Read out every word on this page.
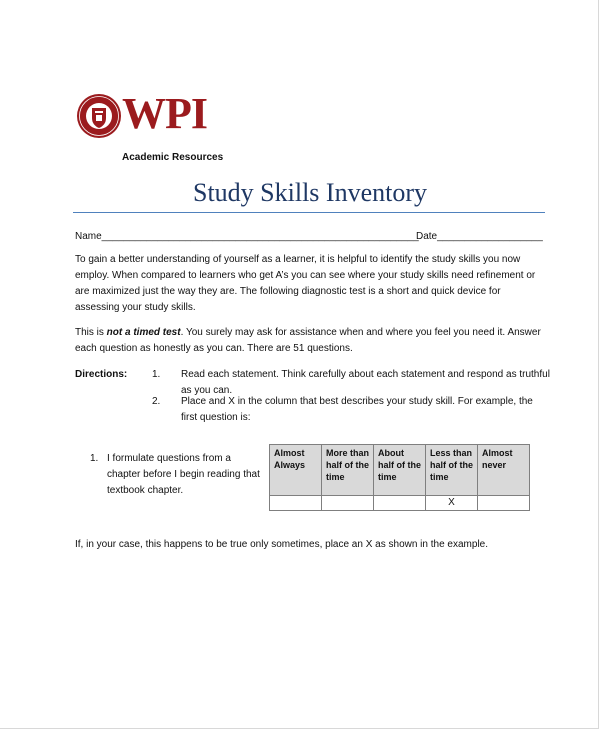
WPI
Academic Resources
Study Skills Inventory
Name_________________________________________________________
Date___________________
To gain a better understanding of yourself as a learner, it is helpful to identify the study skills you now employ. When compared to learners who get A’s you can see where your study skills need refinement or are maximized just the way they are. The following diagnostic test is a short and quick device for assessing your study skills.
This is not a timed test. You surely may ask for assistance when and where you feel you need it. Answer each question as honestly as you can. There are 51 questions.
Directions: 1. Read each statement. Think carefully about each statement and respond as truthful as you can.
2. Place and X in the column that best describes your study skill. For example, the first question is:
1. I formulate questions from a chapter before I begin reading that textbook chapter.
Almost Always	More than half of the time	About half of the time	Less than half of the time	Almost never
			X	
If, in your case, this happens to be true only sometimes, place an X as shown in the example.
